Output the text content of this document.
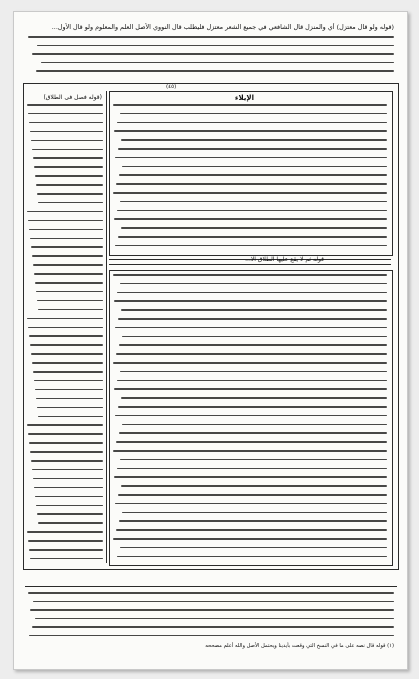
(قوله ولو قال معتزل) أي والمنزل قال الشافعي في جميع الشعر معتزل فليطلب قال النووي الأصل العلم والمعلوم ولو قال الأول...
(٤٥)
الإيلاء
(قوله فصل فى الطلاق)
قوله ثم لا يقع عليها الطلاق الا...
(١) قوله قال نصه على ما في النسخ التي وقعت بأيدينا ويحتمل الأصل والله أعلم مصححه
